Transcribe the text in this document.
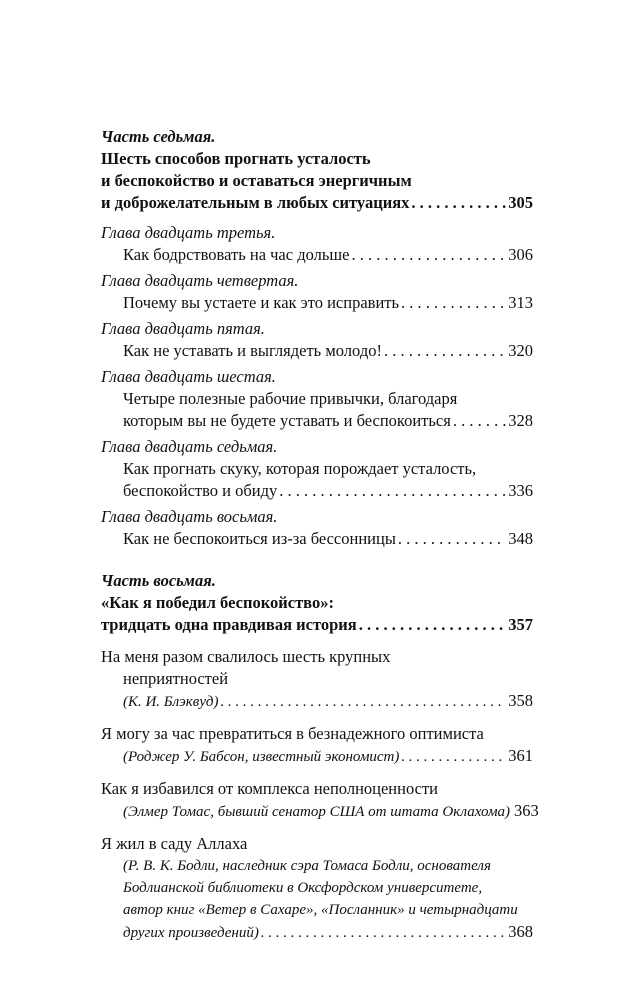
Часть седьмая.
Шесть способов прогнать усталость
и беспокойство и оставаться энергичным
и доброжелательным в любых ситуациях . . .	305
Глава двадцать третья.
Как бодрствовать на час дольше . . .	306
Глава двадцать четвертая.
Почему вы устаете и как это исправить . . .	313
Глава двадцать пятая.
Как не уставать и выглядеть молодо! . . .	320
Глава двадцать шестая.
Четыре полезные рабочие привычки, благодаря
которым вы не будете уставать и беспокоиться . . .	328
Глава двадцать седьмая.
Как прогнать скуку, которая порождает усталость,
беспокойство и обиду . . .	336
Глава двадцать восьмая.
Как не беспокоиться из-за бессонницы . . .	348
Часть восьмая.
«Как я победил беспокойство»:
тридцать одна правдивая история . . .	357
На меня разом свалилось шесть крупных
неприятностей
(К. И. Блэквуд) . . .	358
Я могу за час превратиться в безнадежного оптимиста
(Роджер У. Бабсон, известный экономист) . . .	361
Как я избавился от комплекса неполноценности
(Элмер Томас, бывший сенатор США от штата Оклахома) 363
Я жил в саду Аллаха
(Р. В. К. Бодли, наследник сэра Томаса Бодли, основателя
Бодлианской библиотеки в Оксфордском университете,
автор книг «Ветер в Сахаре», «Посланник» и четырнадцати
других произведений) . . .	368
